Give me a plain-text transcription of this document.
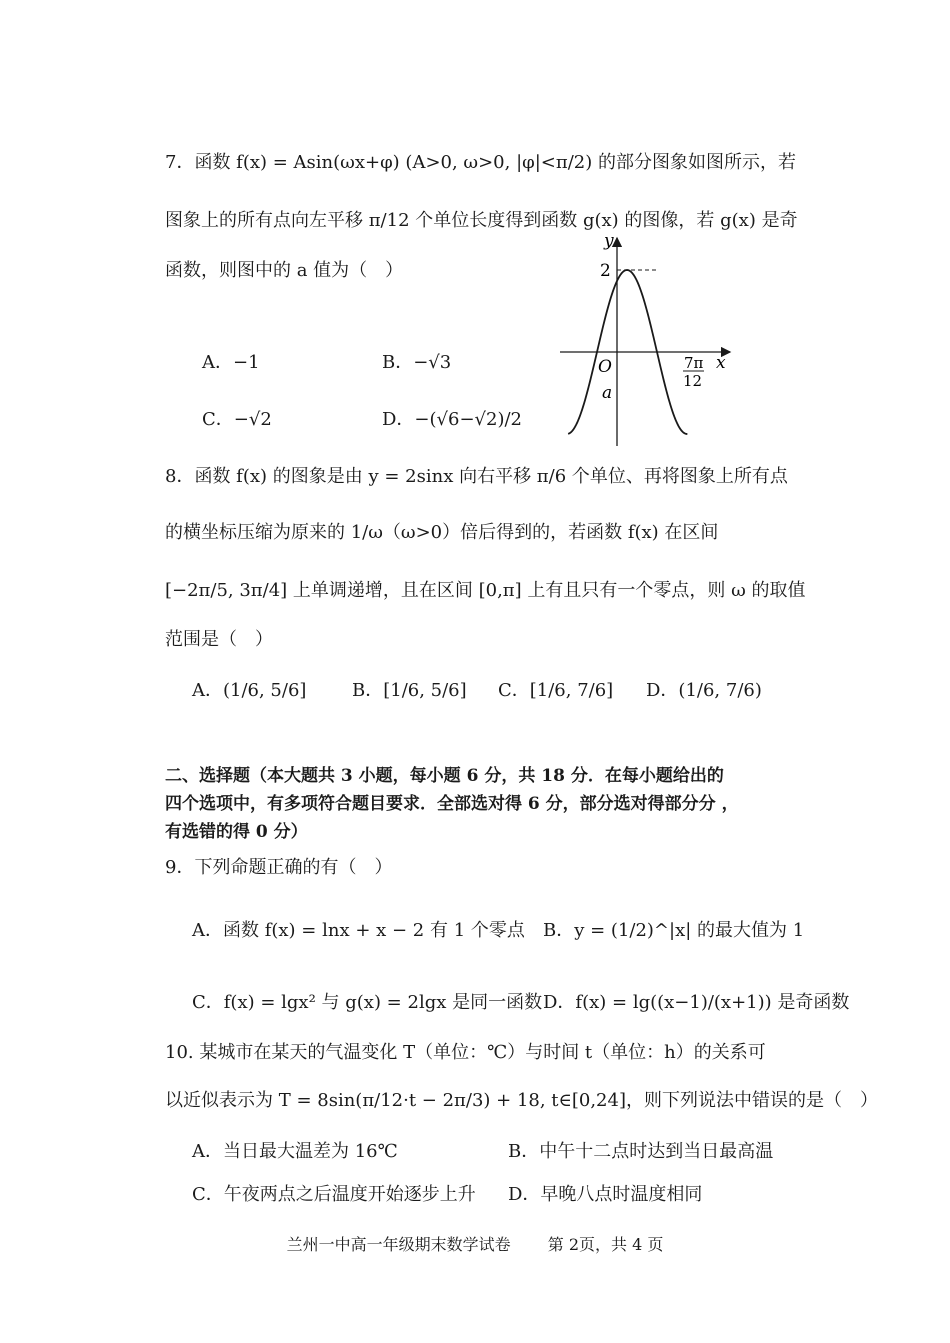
7．函数 f(x) = Asin(ωx+φ) (A>0, ω>0, |φ|<π/2) 的部分图象如图所示，若
图象上的所有点向左平移 π/12 个单位长度得到函数 g(x) 的图像，若 g(x) 是奇
函数，则图中的 a 值为（　）
A．−1	B．−√3
C．−√2	D．−(√6−√2)/2
y
x
O
a
2
7π
12
8．函数 f(x) 的图象是由 y = 2sinx 向右平移 π/6 个单位、再将图象上所有点
的横坐标压缩为原来的 1/ω（ω>0）倍后得到的，若函数 f(x) 在区间
[−2π/5, 3π/4] 上单调递增，且在区间 [0,π] 上有且只有一个零点，则 ω 的取值
范围是（　）
A．(1/6, 5/6]	B．[1/6, 5/6] C．[1/6, 7/6] D．(1/6, 7/6)
二、选择题（本大题共 3 小题，每小题 6 分，共 18 分．在每小题给出的
四个选项中，有多项符合题目要求．全部选对得 6 分，部分选对得部分分 ，
有选错的得 0 分）
9．下列命题正确的有（　）
A．函数 f(x) = lnx + x − 2 有 1 个零点 B．y = (1/2)^|x| 的最大值为 1
C．f(x) = lgx² 与 g(x) = 2lgx 是同一函数 D．f(x) = lg((x−1)/(x+1)) 是奇函数
10. 某城市在某天的气温变化 T（单位：℃）与时间 t（单位：h）的关系可
以近似表示为 T = 8sin(π/12·t − 2π/3) + 18, t∈[0,24]，则下列说法中错误的是（　）
A．当日最大温差为 16℃	B．中午十二点时达到当日最高温
C．午夜两点之后温度开始逐步上升 D．早晚八点时温度相同
兰州一中高一年级期末数学试卷 第 2页，共 4 页
